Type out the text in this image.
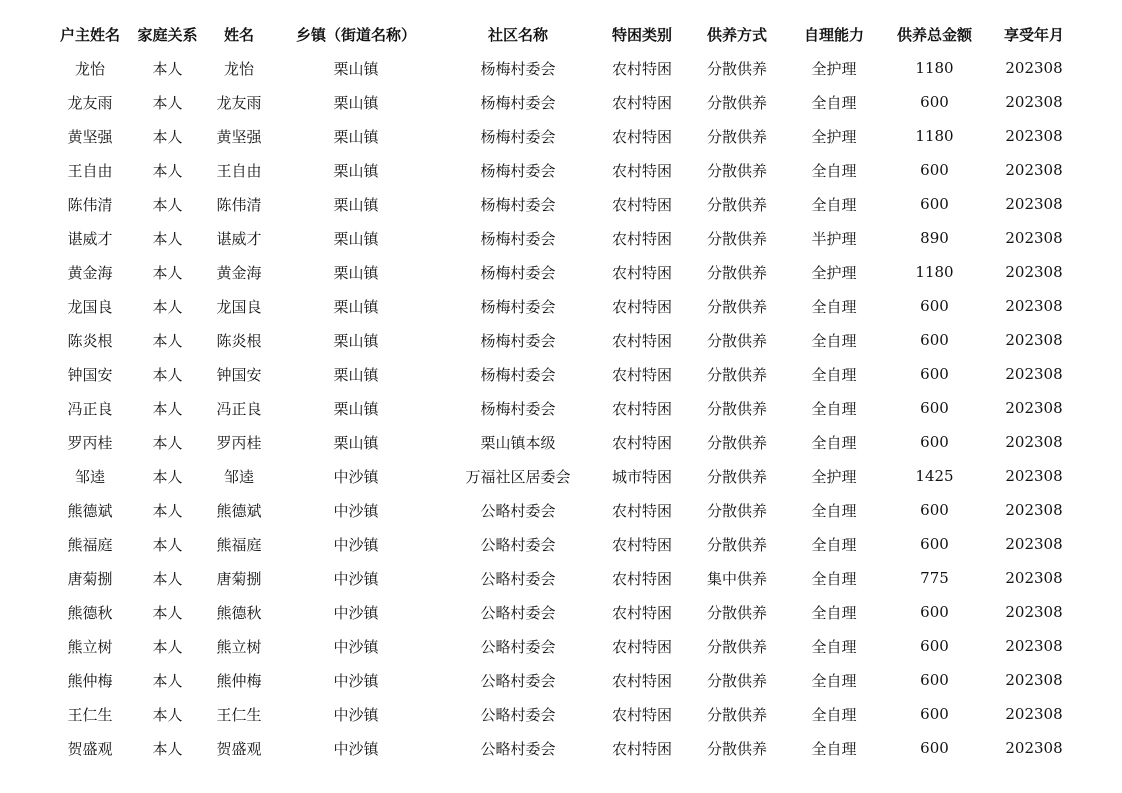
户主姓名	家庭关系	姓名	乡镇（街道名称）	社区名称	特困类别	供养方式	自理能力	供养总金额	享受年月
龙怡	本人	龙怡	栗山镇	杨梅村委会	农村特困	分散供养	全护理	1180	202308
龙友雨	本人	龙友雨	栗山镇	杨梅村委会	农村特困	分散供养	全自理	600	202308
黄坚强	本人	黄坚强	栗山镇	杨梅村委会	农村特困	分散供养	全护理	1180	202308
王自由	本人	王自由	栗山镇	杨梅村委会	农村特困	分散供养	全自理	600	202308
陈伟清	本人	陈伟清	栗山镇	杨梅村委会	农村特困	分散供养	全自理	600	202308
谌威才	本人	谌威才	栗山镇	杨梅村委会	农村特困	分散供养	半护理	890	202308
黄金海	本人	黄金海	栗山镇	杨梅村委会	农村特困	分散供养	全护理	1180	202308
龙国良	本人	龙国良	栗山镇	杨梅村委会	农村特困	分散供养	全自理	600	202308
陈炎根	本人	陈炎根	栗山镇	杨梅村委会	农村特困	分散供养	全自理	600	202308
钟国安	本人	钟国安	栗山镇	杨梅村委会	农村特困	分散供养	全自理	600	202308
冯正良	本人	冯正良	栗山镇	杨梅村委会	农村特困	分散供养	全自理	600	202308
罗丙桂	本人	罗丙桂	栗山镇	栗山镇本级	农村特困	分散供养	全自理	600	202308
邹逵	本人	邹逵	中沙镇	万福社区居委会	城市特困	分散供养	全护理	1425	202308
熊德斌	本人	熊德斌	中沙镇	公略村委会	农村特困	分散供养	全自理	600	202308
熊福庭	本人	熊福庭	中沙镇	公略村委会	农村特困	分散供养	全自理	600	202308
唐菊捌	本人	唐菊捌	中沙镇	公略村委会	农村特困	集中供养	全自理	775	202308
熊德秋	本人	熊德秋	中沙镇	公略村委会	农村特困	分散供养	全自理	600	202308
熊立树	本人	熊立树	中沙镇	公略村委会	农村特困	分散供养	全自理	600	202308
熊仲梅	本人	熊仲梅	中沙镇	公略村委会	农村特困	分散供养	全自理	600	202308
王仁生	本人	王仁生	中沙镇	公略村委会	农村特困	分散供养	全自理	600	202308
贺盛观	本人	贺盛观	中沙镇	公略村委会	农村特困	分散供养	全自理	600	202308
